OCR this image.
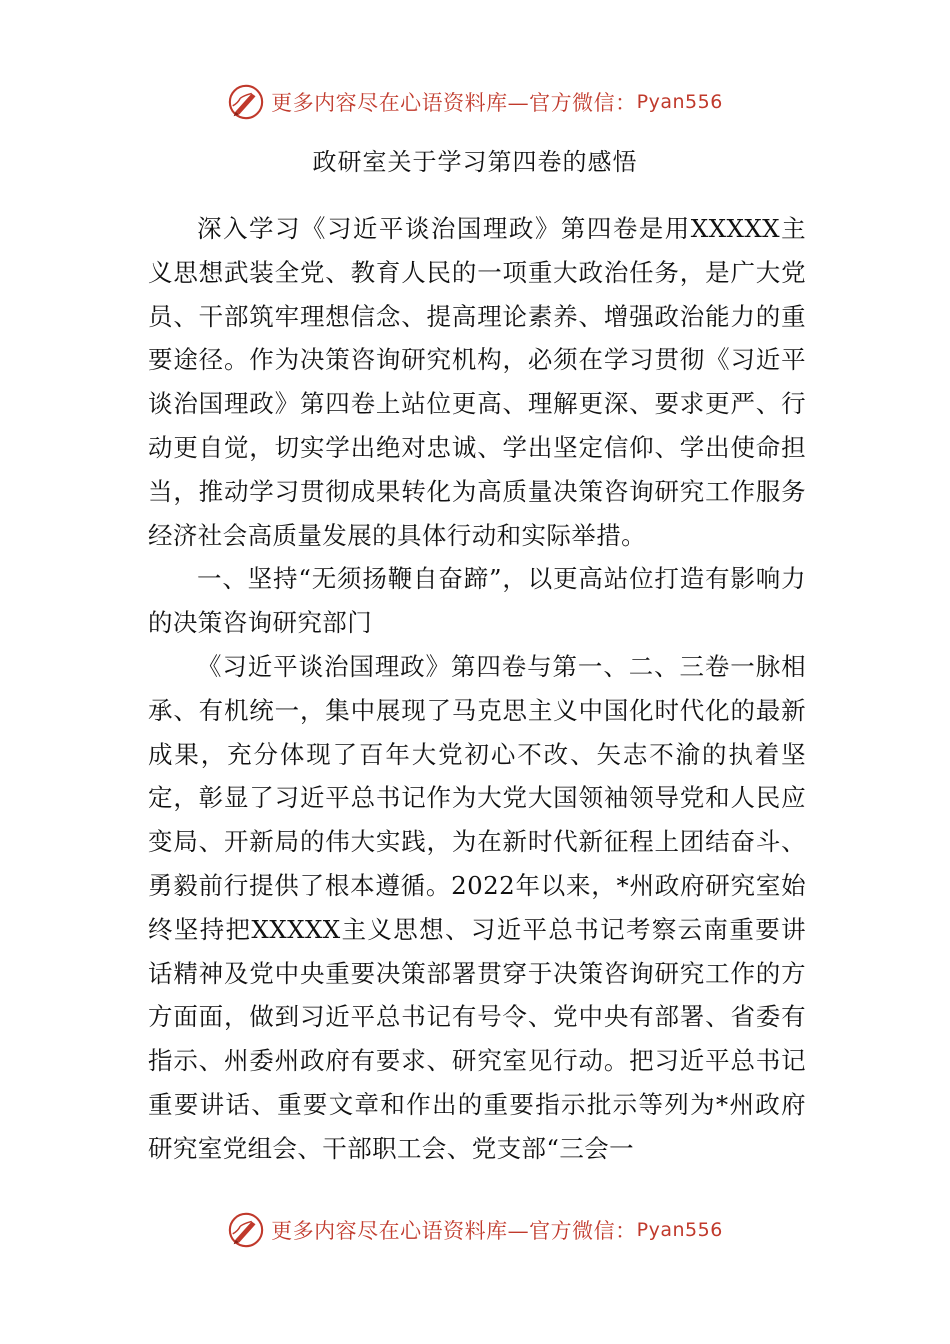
更多内容尽在心语资料库—官方微信： Pyan556
政研室关于学习第四卷的感悟

深入学习《习近平谈治国理政》第四卷是用XXXXX主义思想武装全党、教育人民的一项重大政治任务，是广大党员、干部筑牢理想信念、提高理论素养、增强政治能力的重要途径。作为决策咨询研究机构，必须在学习贯彻《习近平谈治国理政》第四卷上站位更高、理解更深、要求更严、行动更自觉，切实学出绝对忠诚、学出坚定信仰、学出使命担当，推动学习贯彻成果转化为高质量决策咨询研究工作服务经济社会高质量发展的具体行动和实际举措。

一、坚持“无须扬鞭自奋蹄”，以更高站位打造有影响力的决策咨询研究部门

《习近平谈治国理政》第四卷与第一、二、三卷一脉相承、有机统一，集中展现了马克思主义中国化时代化的最新成果，充分体现了百年大党初心不改、矢志不渝的执着坚定，彰显了习近平总书记作为大党大国领袖领导党和人民应变局、开新局的伟大实践，为在新时代新征程上团结奋斗、勇毅前行提供了根本遵循。2022年以来，*州政府研究室始终坚持把XXXXX主义思想、习近平总书记考察云南重要讲话精神及党中央重要决策部署贯穿于决策咨询研究工作的方方面面，做到习近平总书记有号令、党中央有部署、省委有指示、州委州政府有要求、研究室见行动。把习近平总书记重要讲话、重要文章和作出的重要指示批示等列为*州政府研究室党组会、干部职工会、党支部“三会一

更多内容尽在心语资料库—官方微信： Pyan556
